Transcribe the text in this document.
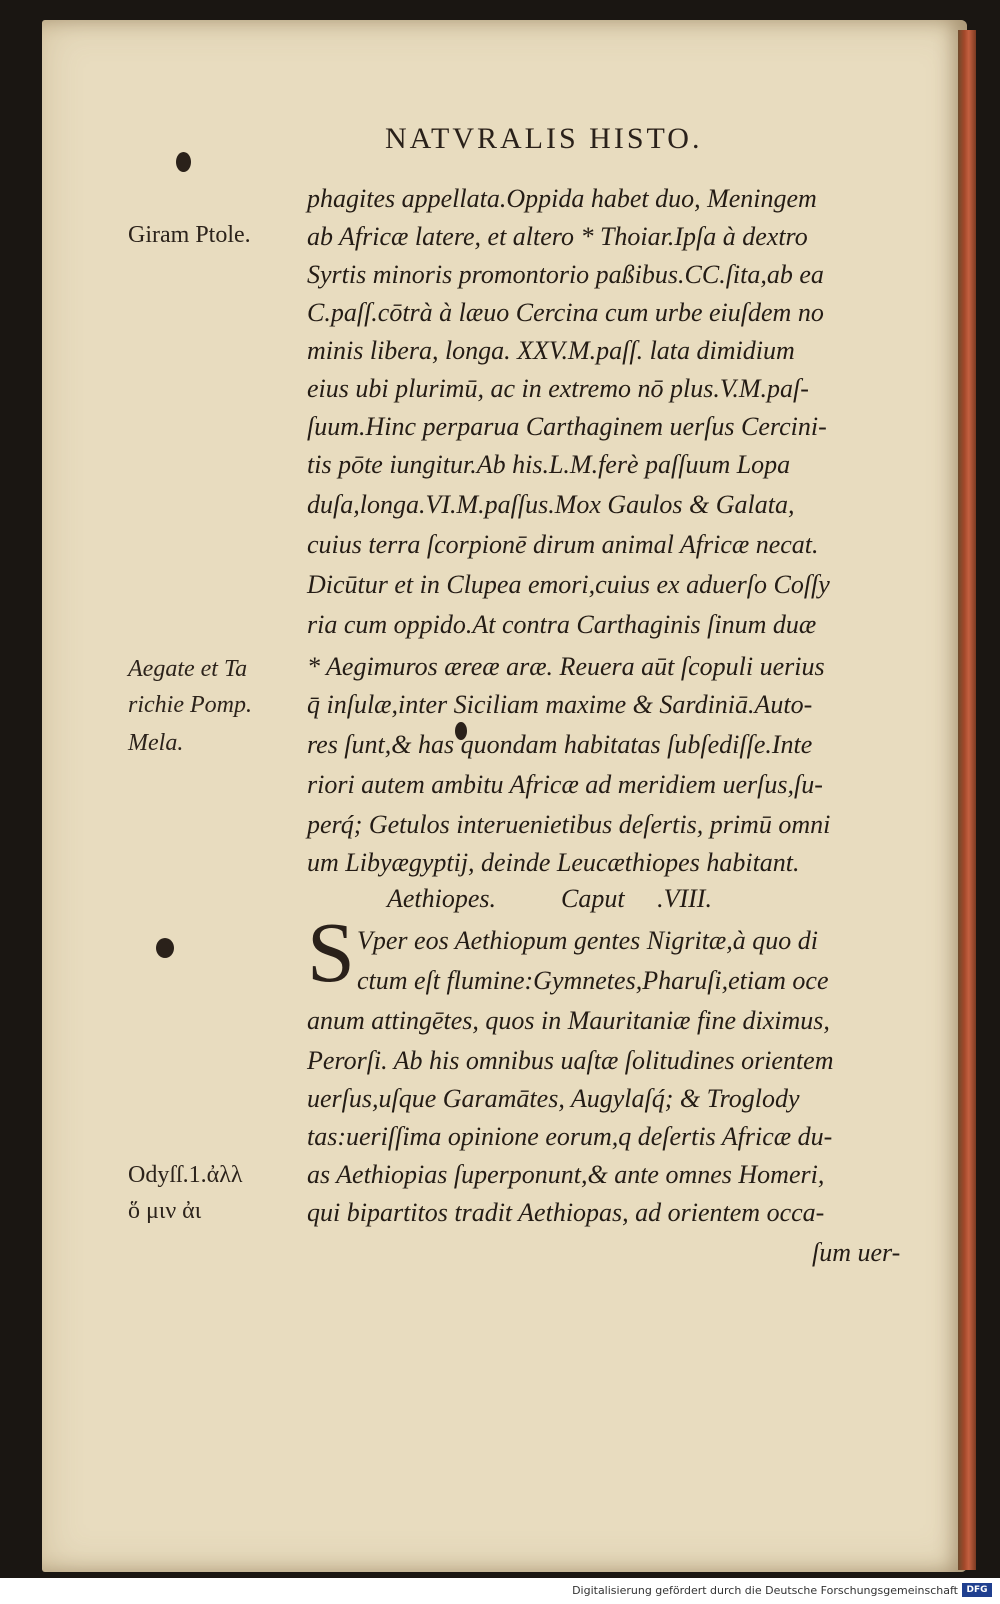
NATVRALIS HISTO.
Giram Ptole.
Aegate et Ta
richie Pomp.
Mela.
Odyſſ.1.ἀλλ
ὅ μιν ἀι
phagites appellata.Oppida habet duo, Meningem
ab Africæ latere, et altero * Thoiar.Ipſa à dextro
Syrtis minoris promontorio paßibus.CC.ſita,ab ea
C.paſſ.cōtrà à læuo Cercina cum urbe eiuſdem no
minis libera, longa. XXV.M.paſſ. lata dimidium
eius ubi plurimū, ac in extremo nō plus.V.M.paſ-
ſuum.Hinc perparua Carthaginem uerſus Cercini-
tis pōte iungitur.Ab his.L.M.ferè paſſuum Lopa
duſa,longa.VI.M.paſſus.Mox Gaulos & Galata,
cuius terra ſcorpionē dirum animal Africæ necat.
Dicūtur et in Clupea emori,cuius ex aduerſo Coſſy
ria cum oppido.At contra Carthaginis ſinum duæ
* Aegimuros æreæ aræ. Reuera aūt ſcopuli uerius
q̄ inſulæ,inter Siciliam maxime & Sardiniā.Auto-
res ſunt,& has quondam habitatas ſubſediſſe.Inte
riori autem ambitu Africæ ad meridiem uerſus,ſu-
perq́; Getulos interuenietibus deſertis, primū omni
um Libyægyptij, deinde Leucæthiopes habitant.
Aethiopes.          Caput     .VIII.
Vper eos Aethiopum gentes Nigritæ,à quo di
ctum eſt flumine:Gymnetes,Pharuſi,etiam oce
anum attingētes, quos in Mauritaniæ fine diximus,
Perorſi. Ab his omnibus uaſtæ ſolitudines orientem
uerſus,uſque Garamātes, Augylaſq́; & Troglody
tas:ueriſſima opinione eorum,q deſertis Africæ du-
as Aethiopias ſuperponunt,& ante omnes Homeri,
qui bipartitos tradit Aethiopas, ad orientem occa-
ſum uer-
S
Digitalisierung gefördert durch die Deutsche Forschungsgemeinschaft DFG
